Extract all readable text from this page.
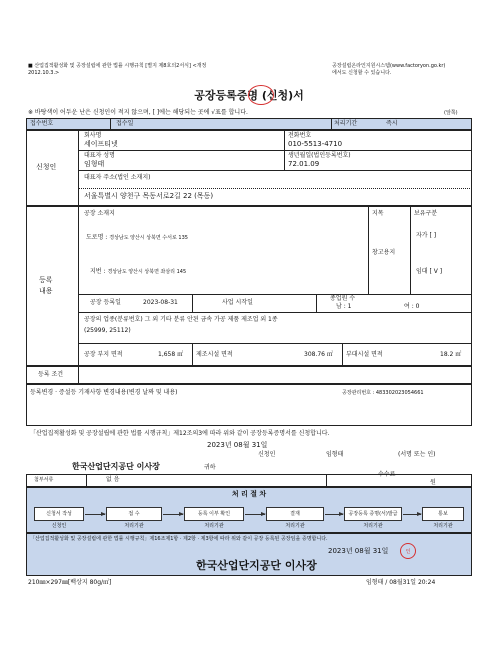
■ 산업집적활성화 및 공장설립에 관한 법률 시행규칙 [별지 제8호의2서식] <개정
2012.10.3.>
공장설립온라인지원시스템(www.factoryon.go.kr)
에서도 신청할 수 있습니다.
공장등록증명 (신청)서
※ 바탕색이 어두운 난은 신청인이 적지 않으며, [ ]에는 해당되는 곳에 √표를 합니다.	(앞쪽)
접수번호	접수일	처리기간	즉시
신청인
회사명
세이프티넷
전화번호
010-5513-4710
대표자 성명
임형태
생년월일(법인등록번호)
72.01.09
대표자 주소(법인 소재지)
서울특별시 양천구 목동서로2길 22 (목동)
등록
내용
공장 소재지
도로명 : 경상남도 양산시 상북면 수서로 135
지번 : 경상남도 양산시 상북면 좌삼리 145
지목
창고용지
보유구분
자가 [ ]
임대 [ V ]
공장 등록일	2023-08-31	사업 시작일
종업원 수
남 : 1	여 : 0
공장의 업종(분류번호) 그 외 기타 분류 안된 금속 가공 제품 제조업 외 1종
(25999, 25112)
공장 부지 면적	1,658 ㎡ 제조시설 면적	308.76 ㎡ 부대시설 면적	18.2 ㎡
등록 조건
등록변경 · 증설등 기재사항 변경내용(변경 날짜 및 내용)	공장관리번호 : 483302023054661
「산업집적활성화 및 공장설립에 관한 법률 시행규칙」제12조의3에 따라 위와 같이 공장등록증명서를 신청합니다.
2023년 08월 31일
신청인	임형태	(서명 또는 인)
한국산업단지공단 이사장	귀하
첨부서류	없 음
수수료
원
처 리 절 차
신청서 작성	접 수	등록 이부 확인	결재	공장등록 증명(서)발급	통보
신청인	처리기관	처리기관	처리기관	처리기관	처리기관
「산업집적활성화 및 공장설립에 관한 법률 시행규칙」제16조제1항 · 제2항 · 제3항에 따라 위와 같이 공장 등록된 공장임을 증명합니다.
2023년 08월 31일	인
한국산업단지공단 이사장
210㎜×297㎜[백상지 80g/㎡]	임형태 / 08월31일 20:24
